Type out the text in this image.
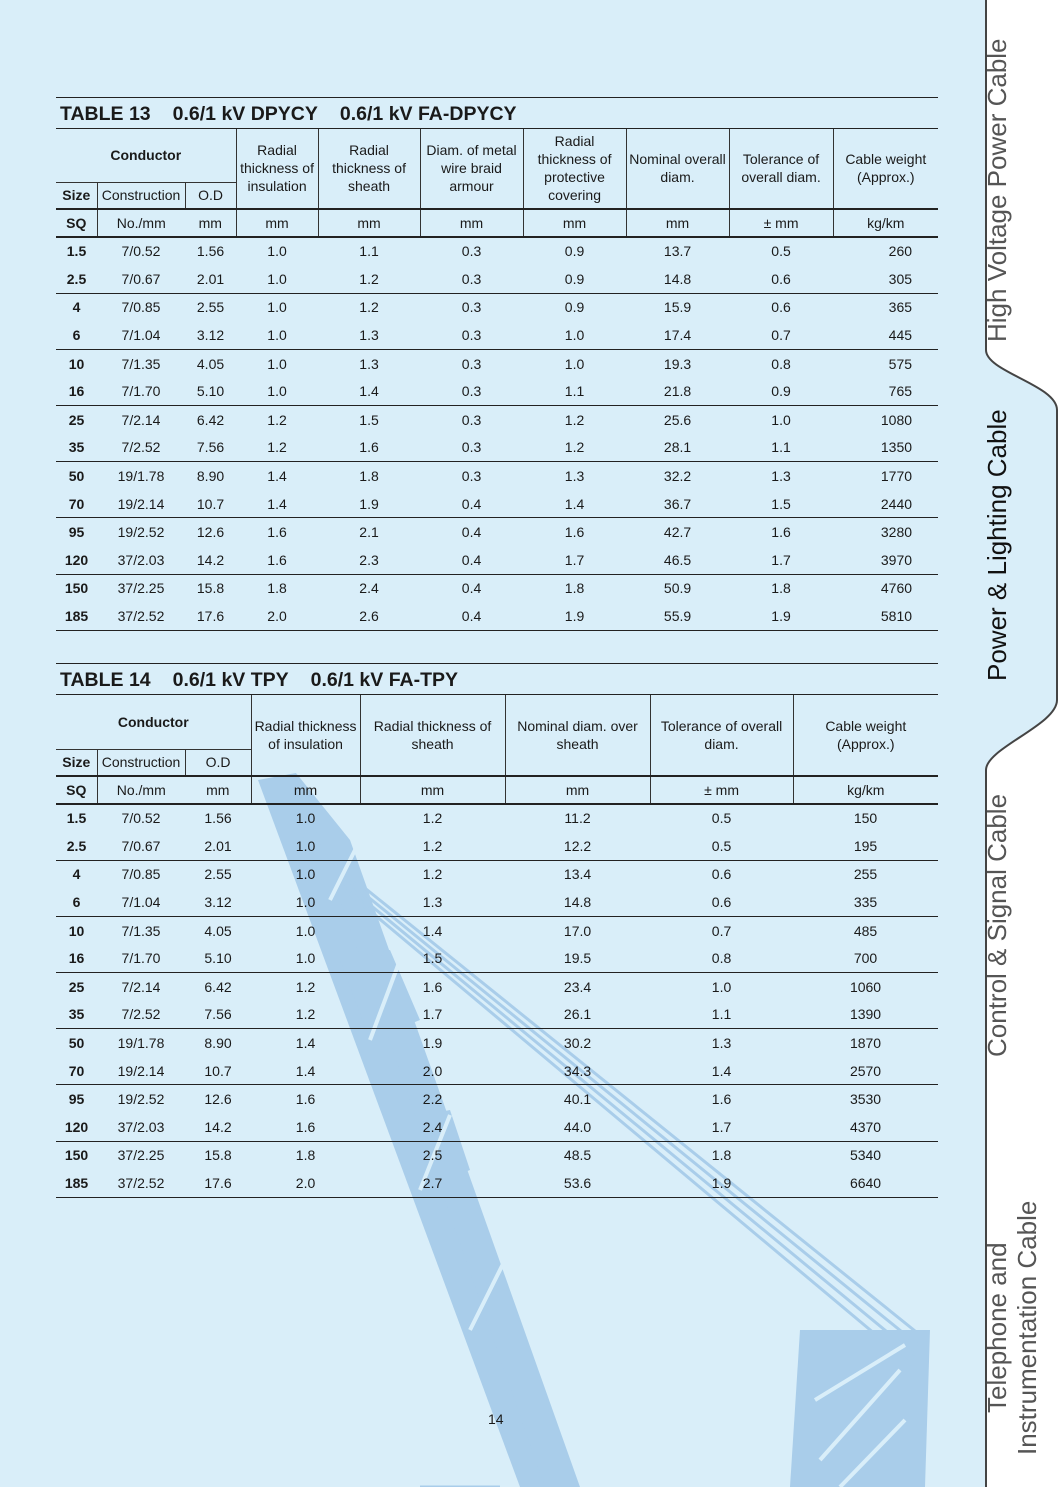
TABLE 13 0.6/1 kV DPYCY 0.6/1 kV FA-DPYCY
Conductor			Radial thickness of insulation	Radial thickness of sheath	Diam. of metal wire braid armour	Radial thickness of protective covering	Nominal overall diam.	Tolerance of overall diam.	Cable weight (Approx.)
Size	Construction	O.D							
SQ	No./mm	mm	mm	mm	mm	mm	mm	± mm	kg/km
1.5	7/0.52	1.56	1.0	1.1	0.3	0.9	13.7	0.5	260
2.5	7/0.67	2.01	1.0	1.2	0.3	0.9	14.8	0.6	305
4	7/0.85	2.55	1.0	1.2	0.3	0.9	15.9	0.6	365
6	7/1.04	3.12	1.0	1.3	0.3	1.0	17.4	0.7	445
10	7/1.35	4.05	1.0	1.3	0.3	1.0	19.3	0.8	575
16	7/1.70	5.10	1.0	1.4	0.3	1.1	21.8	0.9	765
25	7/2.14	6.42	1.2	1.5	0.3	1.2	25.6	1.0	1080
35	7/2.52	7.56	1.2	1.6	0.3	1.2	28.1	1.1	1350
50	19/1.78	8.90	1.4	1.8	0.3	1.3	32.2	1.3	1770
70	19/2.14	10.7	1.4	1.9	0.4	1.4	36.7	1.5	2440
95	19/2.52	12.6	1.6	2.1	0.4	1.6	42.7	1.6	3280
120	37/2.03	14.2	1.6	2.3	0.4	1.7	46.5	1.7	3970
150	37/2.25	15.8	1.8	2.4	0.4	1.8	50.9	1.8	4760
185	37/2.52	17.6	2.0	2.6	0.4	1.9	55.9	1.9	5810
TABLE 14 0.6/1 kV TPY 0.6/1 kV FA-TPY
Conductor			Radial thickness of insulation	Radial thickness of sheath	Nominal diam. over sheath	Tolerance of overall diam.	Cable weight (Approx.)
Size	Construction	O.D					
SQ	No./mm	mm	mm	mm	mm	± mm	kg/km
1.5	7/0.52	1.56	1.0	1.2	11.2	0.5	150
2.5	7/0.67	2.01	1.0	1.2	12.2	0.5	195
4	7/0.85	2.55	1.0	1.2	13.4	0.6	255
6	7/1.04	3.12	1.0	1.3	14.8	0.6	335
10	7/1.35	4.05	1.0	1.4	17.0	0.7	485
16	7/1.70	5.10	1.0	1.5	19.5	0.8	700
25	7/2.14	6.42	1.2	1.6	23.4	1.0	1060
35	7/2.52	7.56	1.2	1.7	26.1	1.1	1390
50	19/1.78	8.90	1.4	1.9	30.2	1.3	1870
70	19/2.14	10.7	1.4	2.0	34.3	1.4	2570
95	19/2.52	12.6	1.6	2.2	40.1	1.6	3530
120	37/2.03	14.2	1.6	2.4	44.0	1.7	4370
150	37/2.25	15.8	1.8	2.5	48.5	1.8	5340
185	37/2.52	17.6	2.0	2.7	53.6	1.9	6640
14
High Voltage Power Cable
Power & Lighting Cable
Control & Signal Cable
Telephone and Instrumentation Cable
